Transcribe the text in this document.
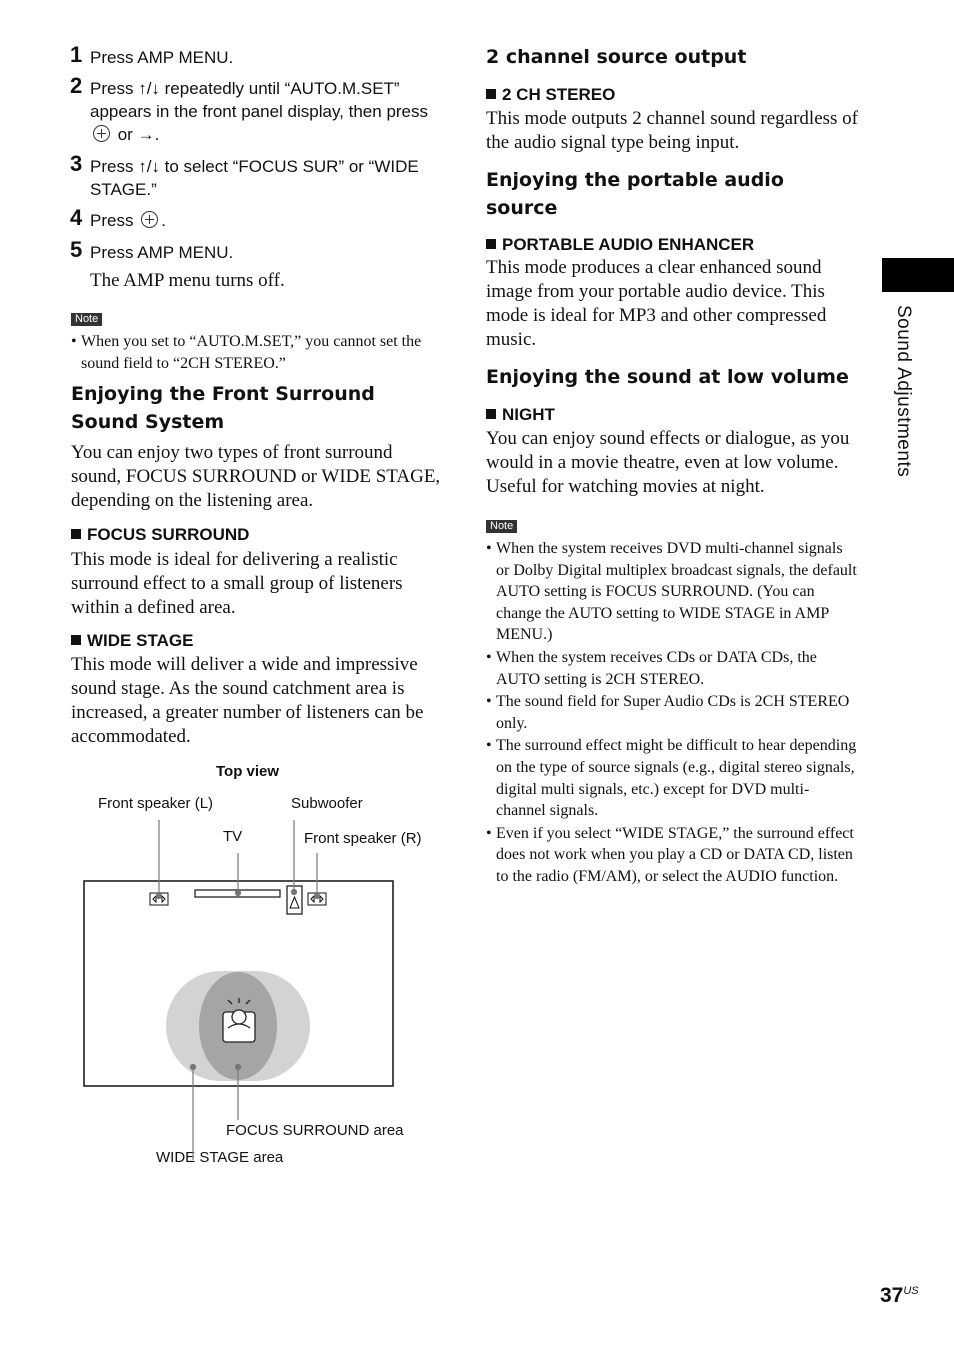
1 Press AMP MENU.
2 Press ↑/↓ repeatedly until “AUTO.M.SET” appears in the front panel display, then press  or →.
3 Press ↑/↓ to select “FOCUS SUR” or “WIDE STAGE.”
4 Press .
5 Press AMP MENU.
The AMP menu turns off.
Note
• When you set to “AUTO.M.SET,” you cannot set the sound field to “2CH STEREO.”
Enjoying the Front Surround Sound System
You can enjoy two types of front surround sound, FOCUS SURROUND or WIDE STAGE, depending on the listening area.
FOCUS SURROUND
This mode is ideal for delivering a realistic surround effect to a small group of listeners within a defined area.
WIDE STAGE
This mode will deliver a wide and impressive sound stage. As the sound catchment area is increased, a greater number of listeners can be accommodated.
Top view
Front speaker (L)	Subwoofer
TV	Front speaker (R)
FOCUS SURROUND area
WIDE STAGE area
2 channel source output
2 CH STEREO
This mode outputs 2 channel sound regardless of the audio signal type being input.
Enjoying the portable audio source
PORTABLE AUDIO ENHANCER
This mode produces a clear enhanced sound image from your portable audio device. This mode is ideal for MP3 and other compressed music.
Enjoying the sound at low volume
NIGHT
You can enjoy sound effects or dialogue, as you would in a movie theatre, even at low volume. Useful for watching movies at night.
Note
• When the system receives DVD multi-channel signals or Dolby Digital multiplex broadcast signals, the default AUTO setting is FOCUS SURROUND. (You can change the AUTO setting to WIDE STAGE in AMP MENU.)
• When the system receives CDs or DATA CDs, the AUTO setting is 2CH STEREO.
• The sound field for Super Audio CDs is 2CH STEREO only.
• The surround effect might be difficult to hear depending on the type of source signals (e.g., digital stereo signals, digital multi signals, etc.) except for DVD multi-channel signals.
• Even if you select “WIDE STAGE,” the surround effect does not work when you play a CD or DATA CD, listen to the radio (FM/AM), or select the AUDIO function.
Sound Adjustments
$37^{US}$
